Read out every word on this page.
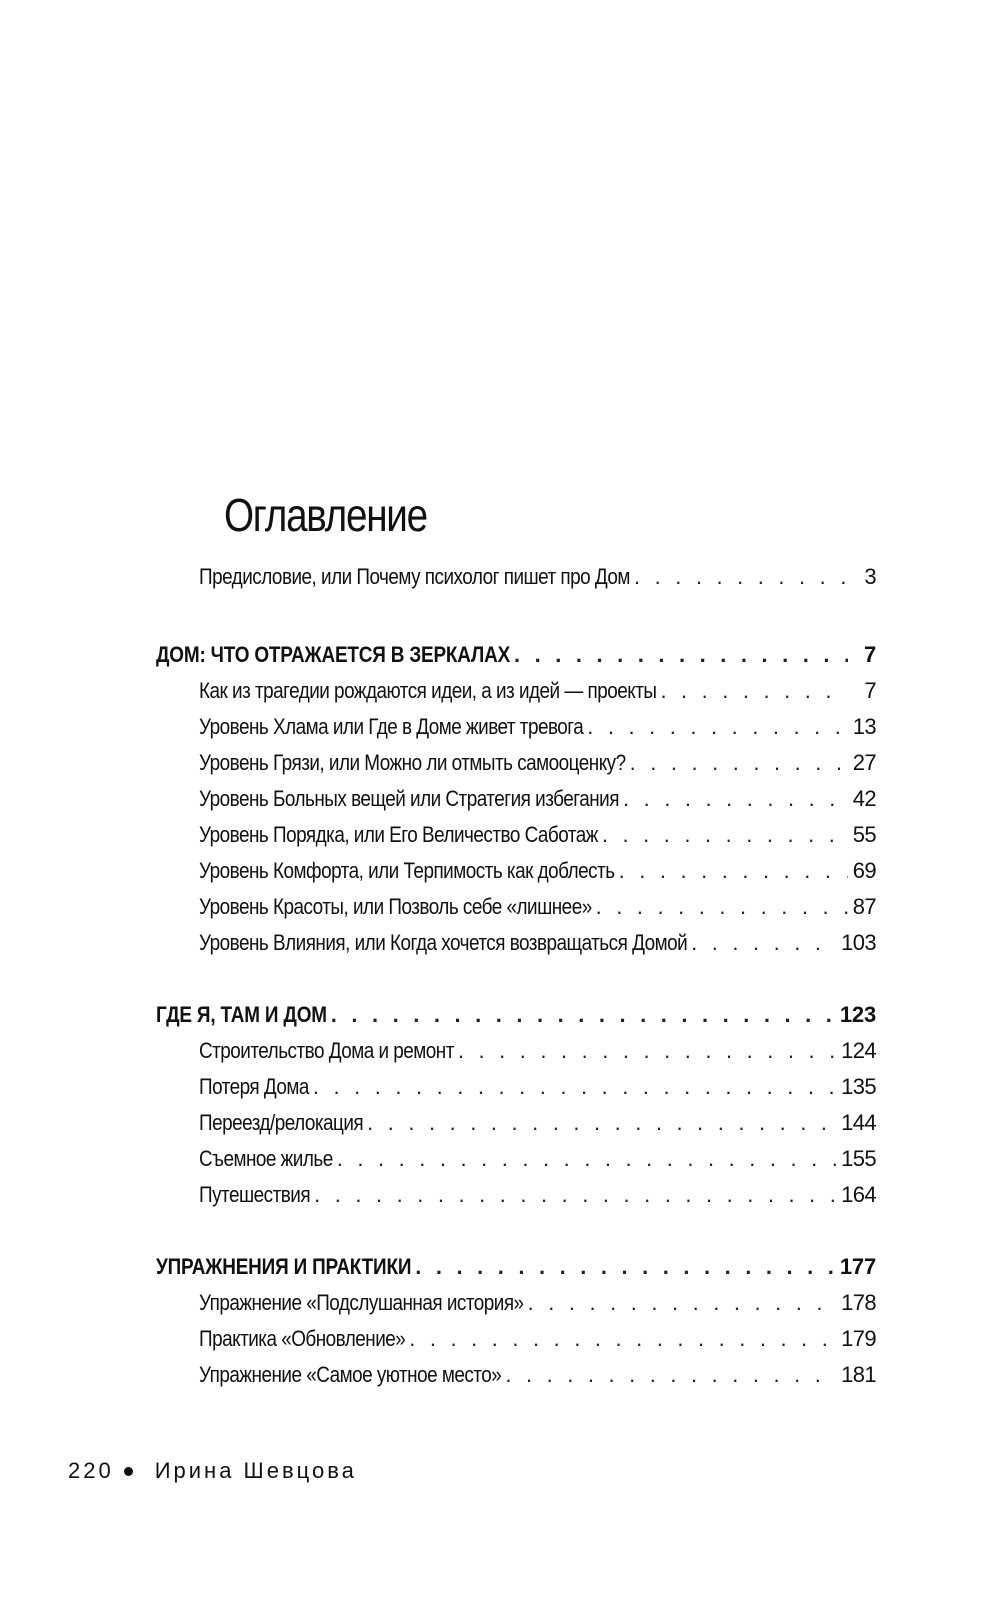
Оглавление
Предисловие, или Почему психолог пишет про Дом . . .	3
ДОМ: ЧТО ОТРАЖАЕТСЯ В ЗЕРКАЛАХ . . .	7
Как из трагедии рождаются идеи, а из идей — проекты . . .	7
Уровень Хлама или Где в Доме живет тревога . . .	13
Уровень Грязи, или Можно ли отмыть самооценку? . . .	27
Уровень Больных вещей или Стратегия избегания . . .	42
Уровень Порядка, или Его Величество Саботаж . . .	55
Уровень Комфорта, или Терпимость как доблесть . . .	69
Уровень Красоты, или Позволь себе «лишнее» . . .	87
Уровень Влияния, или Когда хочется возвращаться Домой . . .	103
ГДЕ Я, ТАМ И ДОМ . . .	123
Строительство Дома и ремонт . . .	124
Потеря Дома . . .	135
Переезд/релокация . . .	144
Съемное жилье . . .	155
Путешествия . . .	164
УПРАЖНЕНИЯ И ПРАКТИКИ . . .	177
Упражнение «Подслушанная история» . . .	178
Практика «Обновление» . . .	179
Упражнение «Самое уютное место» . . .	181
220 Ирина Шевцова
